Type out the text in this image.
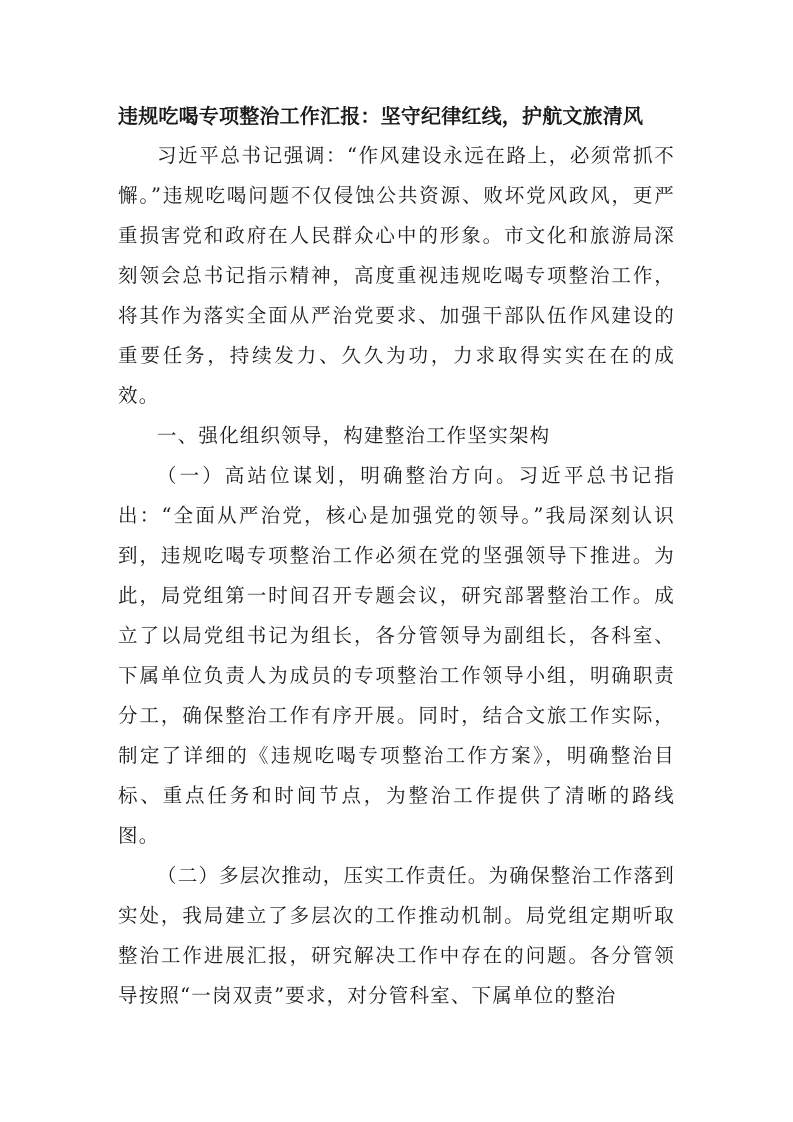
违规吃喝专项整治工作汇报：坚守纪律红线，护航文旅清风

习近平总书记强调：“作风建设永远在路上，必须常抓不懈。”违规吃喝问题不仅侵蚀公共资源、败坏党风政风，更严重损害党和政府在人民群众心中的形象。市文化和旅游局深刻领会总书记指示精神，高度重视违规吃喝专项整治工作，将其作为落实全面从严治党要求、加强干部队伍作风建设的重要任务，持续发力、久久为功，力求取得实实在在的成效。

一、强化组织领导，构建整治工作坚实架构

（一）高站位谋划，明确整治方向。习近平总书记指出：“全面从严治党，核心是加强党的领导。”我局深刻认识到，违规吃喝专项整治工作必须在党的坚强领导下推进。为此，局党组第一时间召开专题会议，研究部署整治工作。成立了以局党组书记为组长，各分管领导为副组长，各科室、下属单位负责人为成员的专项整治工作领导小组，明确职责分工，确保整治工作有序开展。同时，结合文旅工作实际，制定了详细的《违规吃喝专项整治工作方案》，明确整治目标、重点任务和时间节点，为整治工作提供了清晰的路线图。

（二）多层次推动，压实工作责任。为确保整治工作落到实处，我局建立了多层次的工作推动机制。局党组定期听取整治工作进展汇报，研究解决工作中存在的问题。各分管领导按照“一岗双责”要求，对分管科室、下属单位的整治
